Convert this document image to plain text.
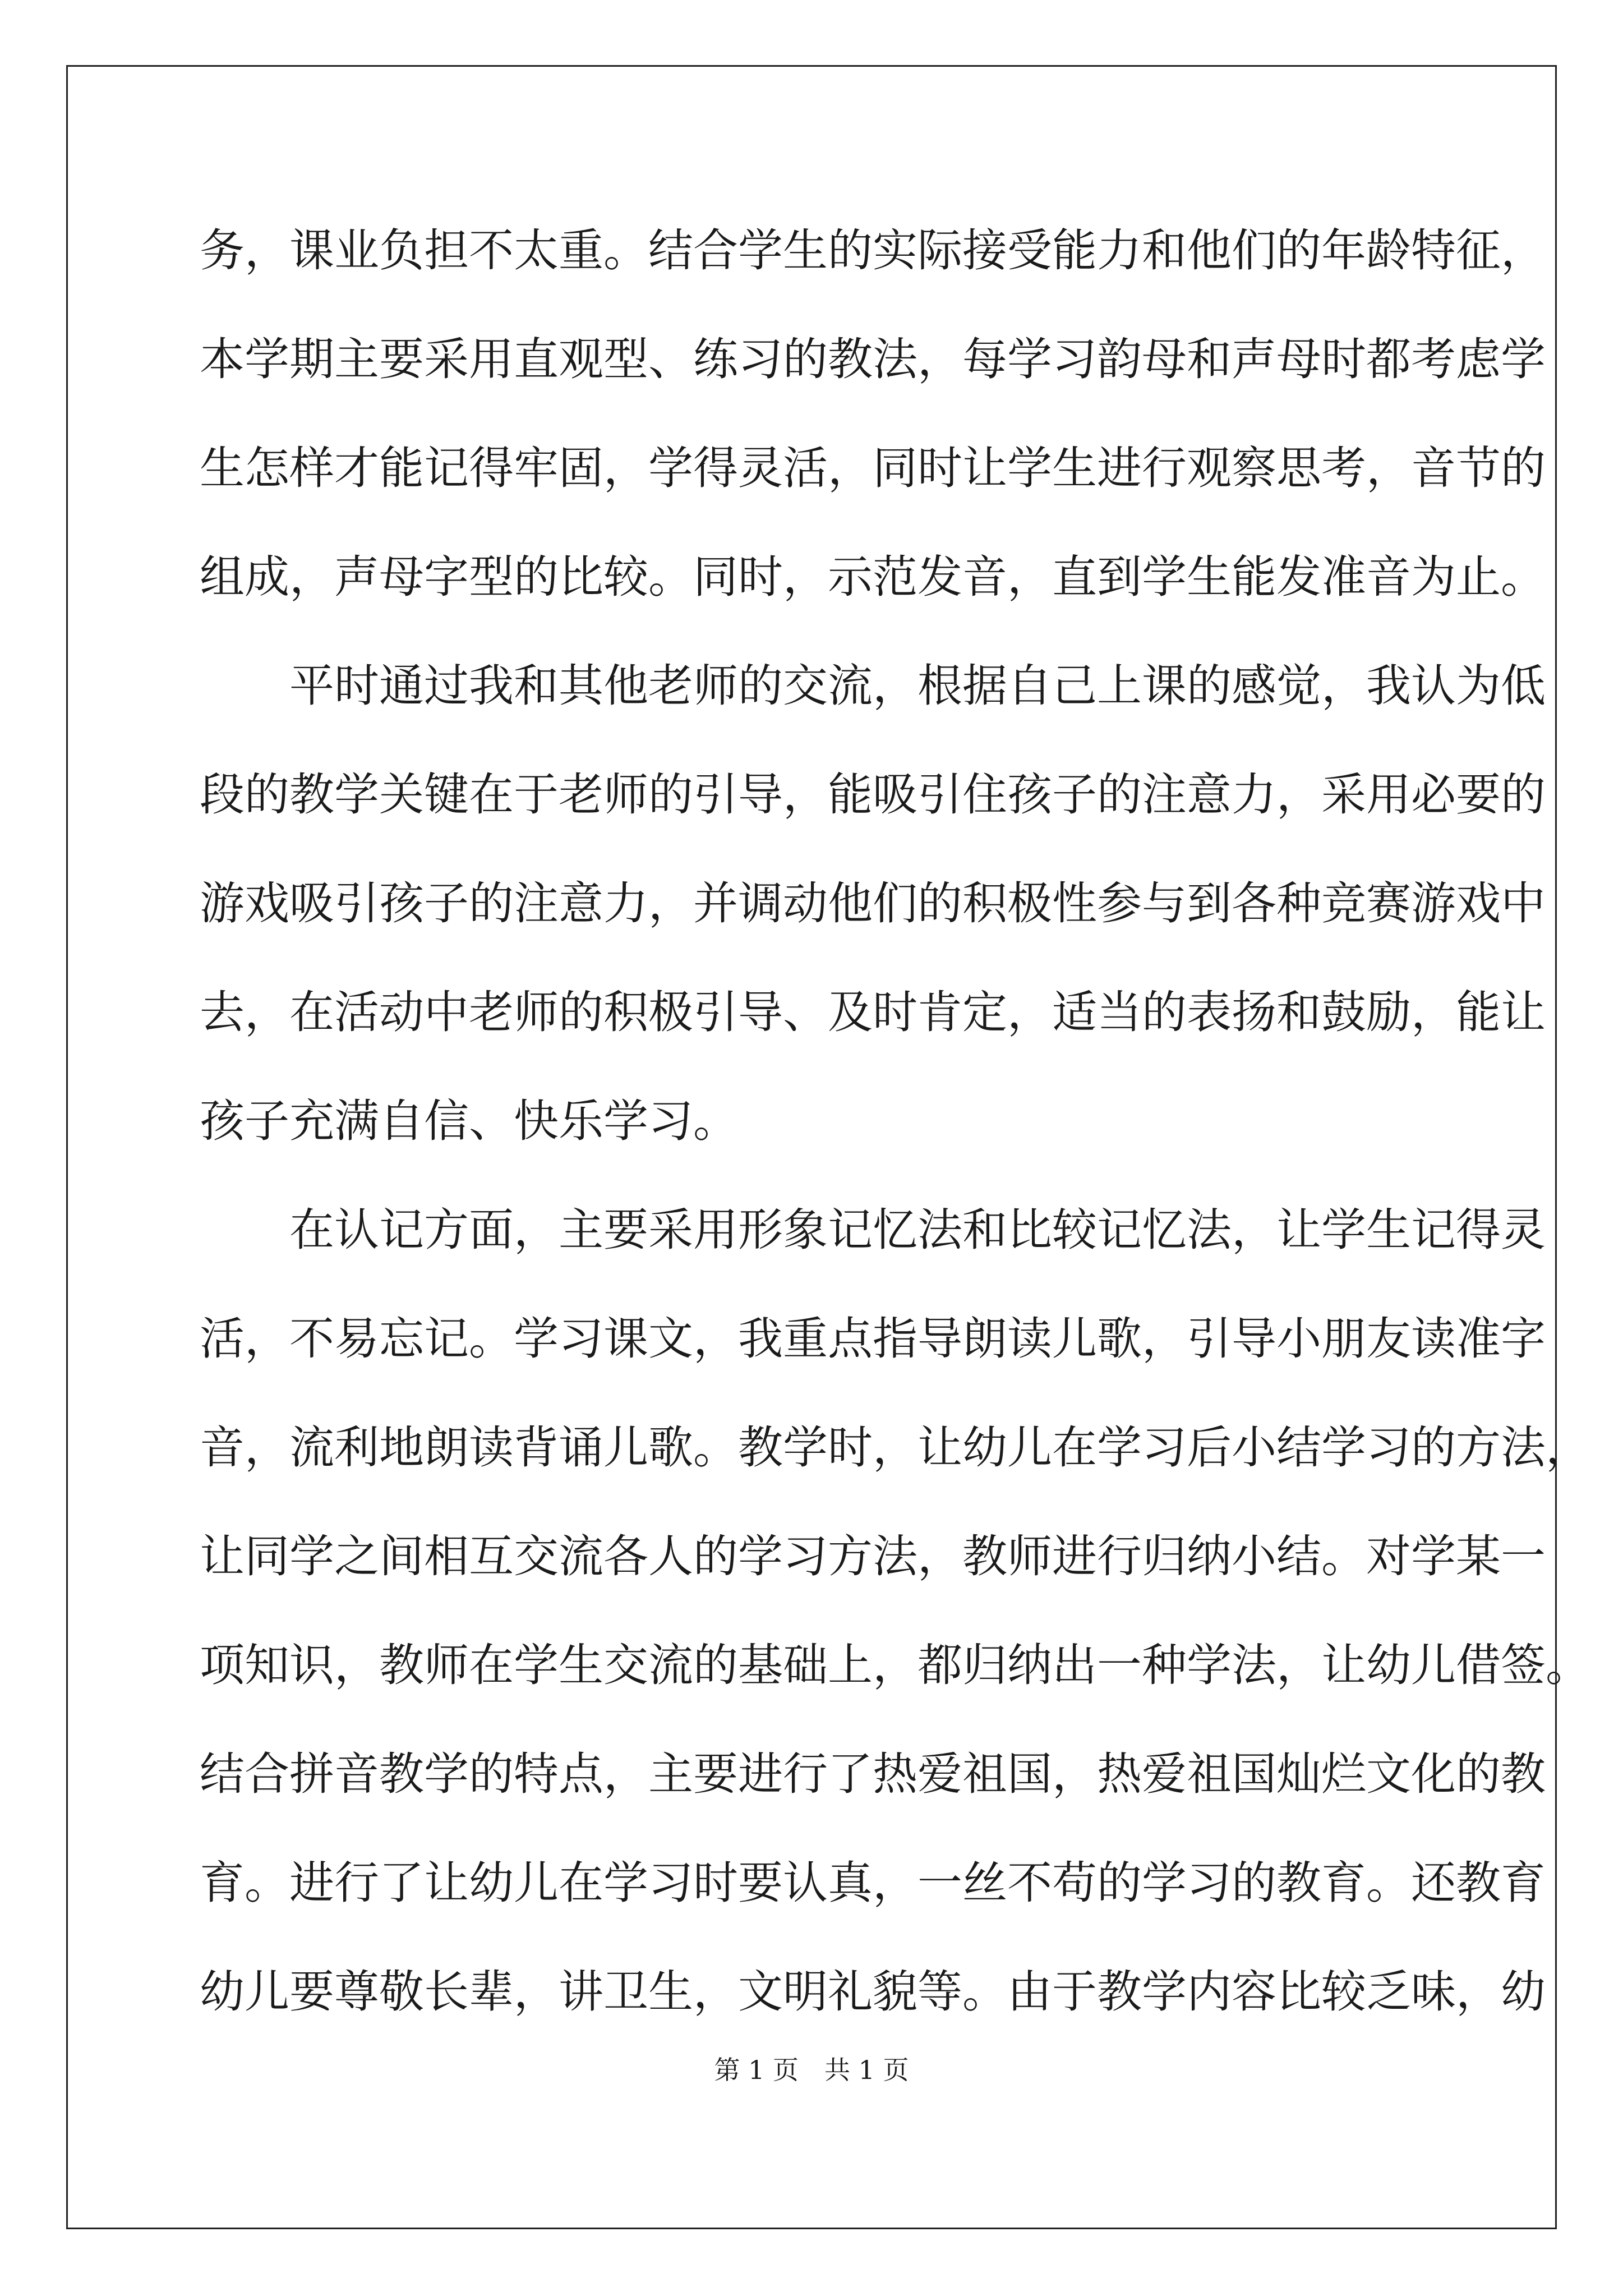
务，课业负担不太重。结合学生的实际接受能力和他们的年龄特征，
本学期主要采用直观型、练习的教法，每学习韵母和声母时都考虑学
生怎样才能记得牢固，学得灵活，同时让学生进行观察思考，音节的
组成，声母字型的比较。同时，示范发音，直到学生能发准音为止。
平时通过我和其他老师的交流，根据自己上课的感觉，我认为低
段的教学关键在于老师的引导，能吸引住孩子的注意力，采用必要的
游戏吸引孩子的注意力，并调动他们的积极性参与到各种竞赛游戏中
去，在活动中老师的积极引导、及时肯定，适当的表扬和鼓励，能让
孩子充满自信、快乐学习。
在认记方面，主要采用形象记忆法和比较记忆法，让学生记得灵
活，不易忘记。学习课文，我重点指导朗读儿歌，引导小朋友读准字
音，流利地朗读背诵儿歌。教学时，让幼儿在学习后小结学习的方法，
让同学之间相互交流各人的学习方法，教师进行归纳小结。对学某一
项知识，教师在学生交流的基础上，都归纳出一种学法，让幼儿借签。
结合拼音教学的特点，主要进行了热爱祖国，热爱祖国灿烂文化的教
育。进行了让幼儿在学习时要认真，一丝不苟的学习的教育。还教育
幼儿要尊敬长辈，讲卫生，文明礼貌等。由于教学内容比较乏味，幼
第 1 页　共 1 页
